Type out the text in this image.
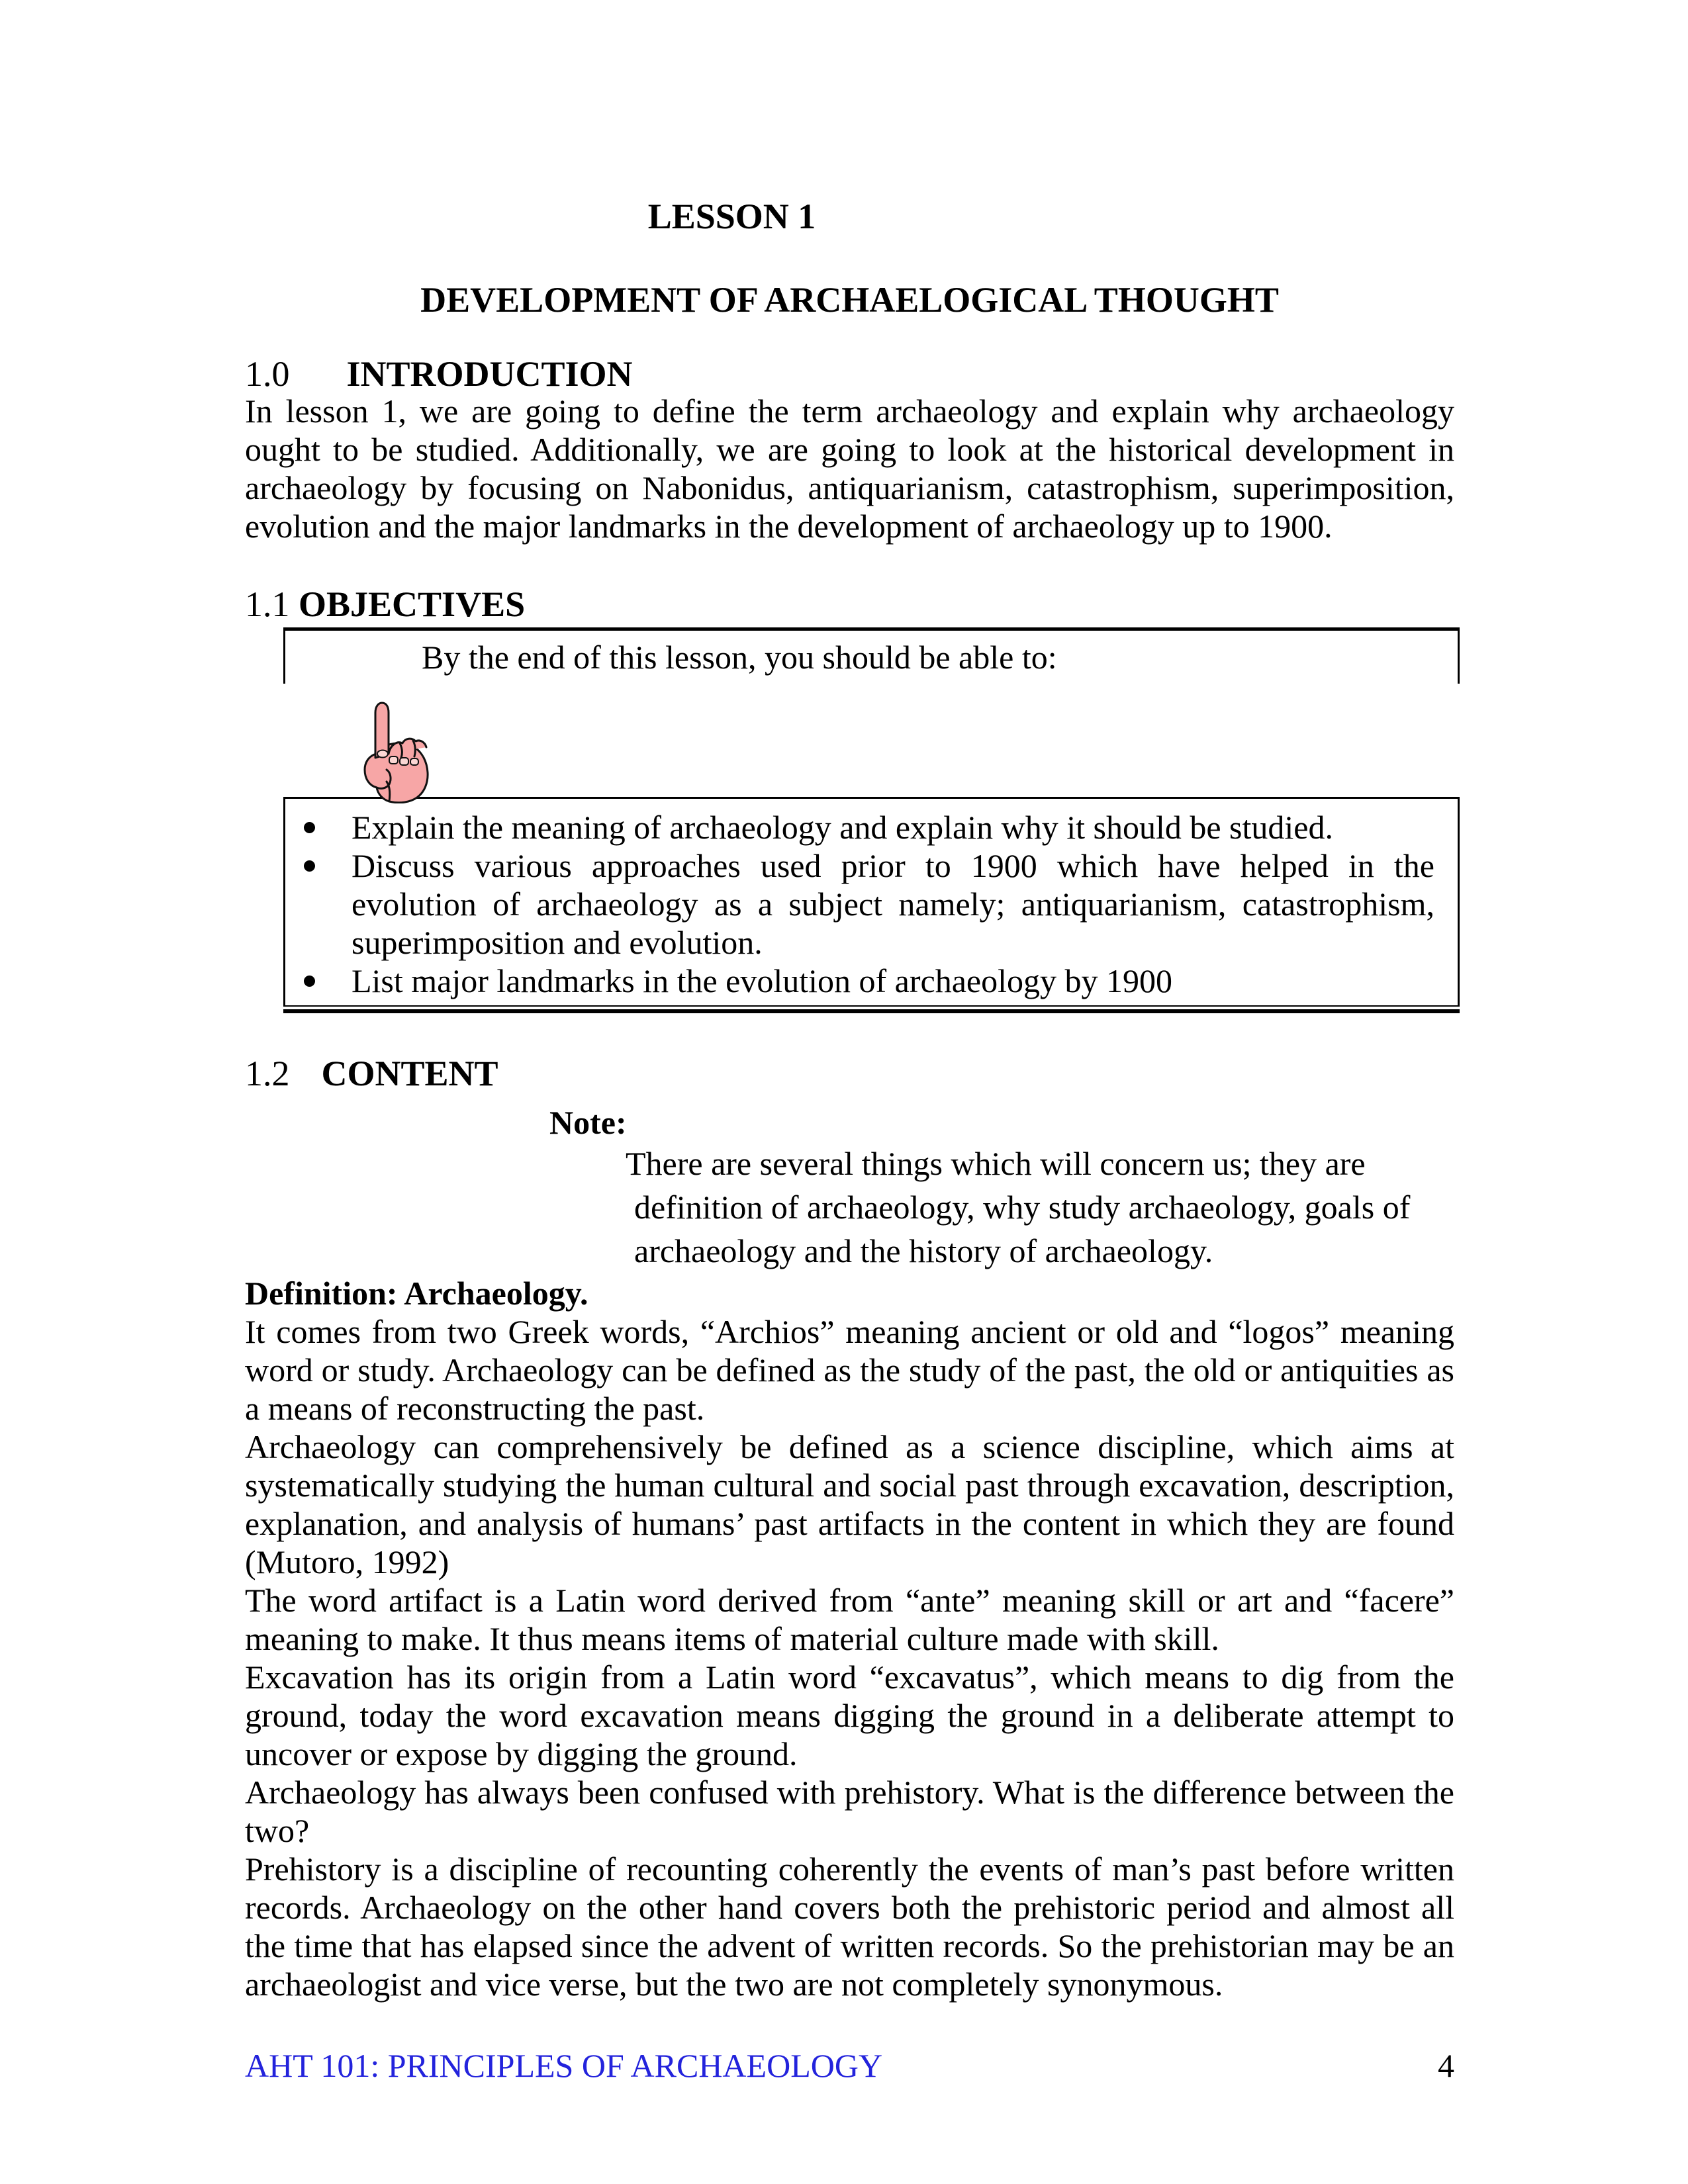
LESSON 1
DEVELOPMENT OF ARCHAELOGICAL THOUGHT
1.0 INTRODUCTION

In lesson 1, we are going to define the term archaeology and explain why archaeology ought to be studied. Additionally, we are going to look at the historical development in archaeology by focusing on Nabonidus, antiquarianism, catastrophism, superimposition, evolution and the major landmarks in the development of archaeology up to 1900.

1.1 OBJECTIVES
By the end of this lesson, you should be able to:
Explain the meaning of archaeology and explain why it should be studied.
Discuss various approaches used prior to 1900 which have helped in the evolution of archaeology as a subject namely; antiquarianism, catastrophism, superimposition and evolution.
List major landmarks in the evolution of archaeology by 1900
1.2 CONTENT
Note:
There are several things which will concern us; they are
definition of archaeology, why study archaeology, goals of
archaeology and the history of archaeology.
Definition: Archaeology.

It comes from two Greek words, “Archios” meaning ancient or old and “logos” meaning word or study. Archaeology can be defined as the study of the past, the old or antiquities as a means of reconstructing the past.

Archaeology can comprehensively be defined as a science discipline, which aims at systematically studying the human cultural and social past through excavation, description, explanation, and analysis of humans’ past artifacts in the content in which they are found (Mutoro, 1992)

The word artifact is a Latin word derived from “ante” meaning skill or art and “facere” meaning to make. It thus means items of material culture made with skill.

Excavation has its origin from a Latin word “excavatus”, which means to dig from the ground, today the word excavation means digging the ground in a deliberate attempt to uncover or expose by digging the ground.

Archaeology has always been confused with prehistory. What is the difference between the two?

Prehistory is a discipline of recounting coherently the events of man’s past before written records. Archaeology on the other hand covers both the prehistoric period and almost all the time that has elapsed since the advent of written records. So the prehistorian may be an archaeologist and vice verse, but the two are not completely synonymous.

AHT 101: PRINCIPLES OF ARCHAEOLOGY	4
